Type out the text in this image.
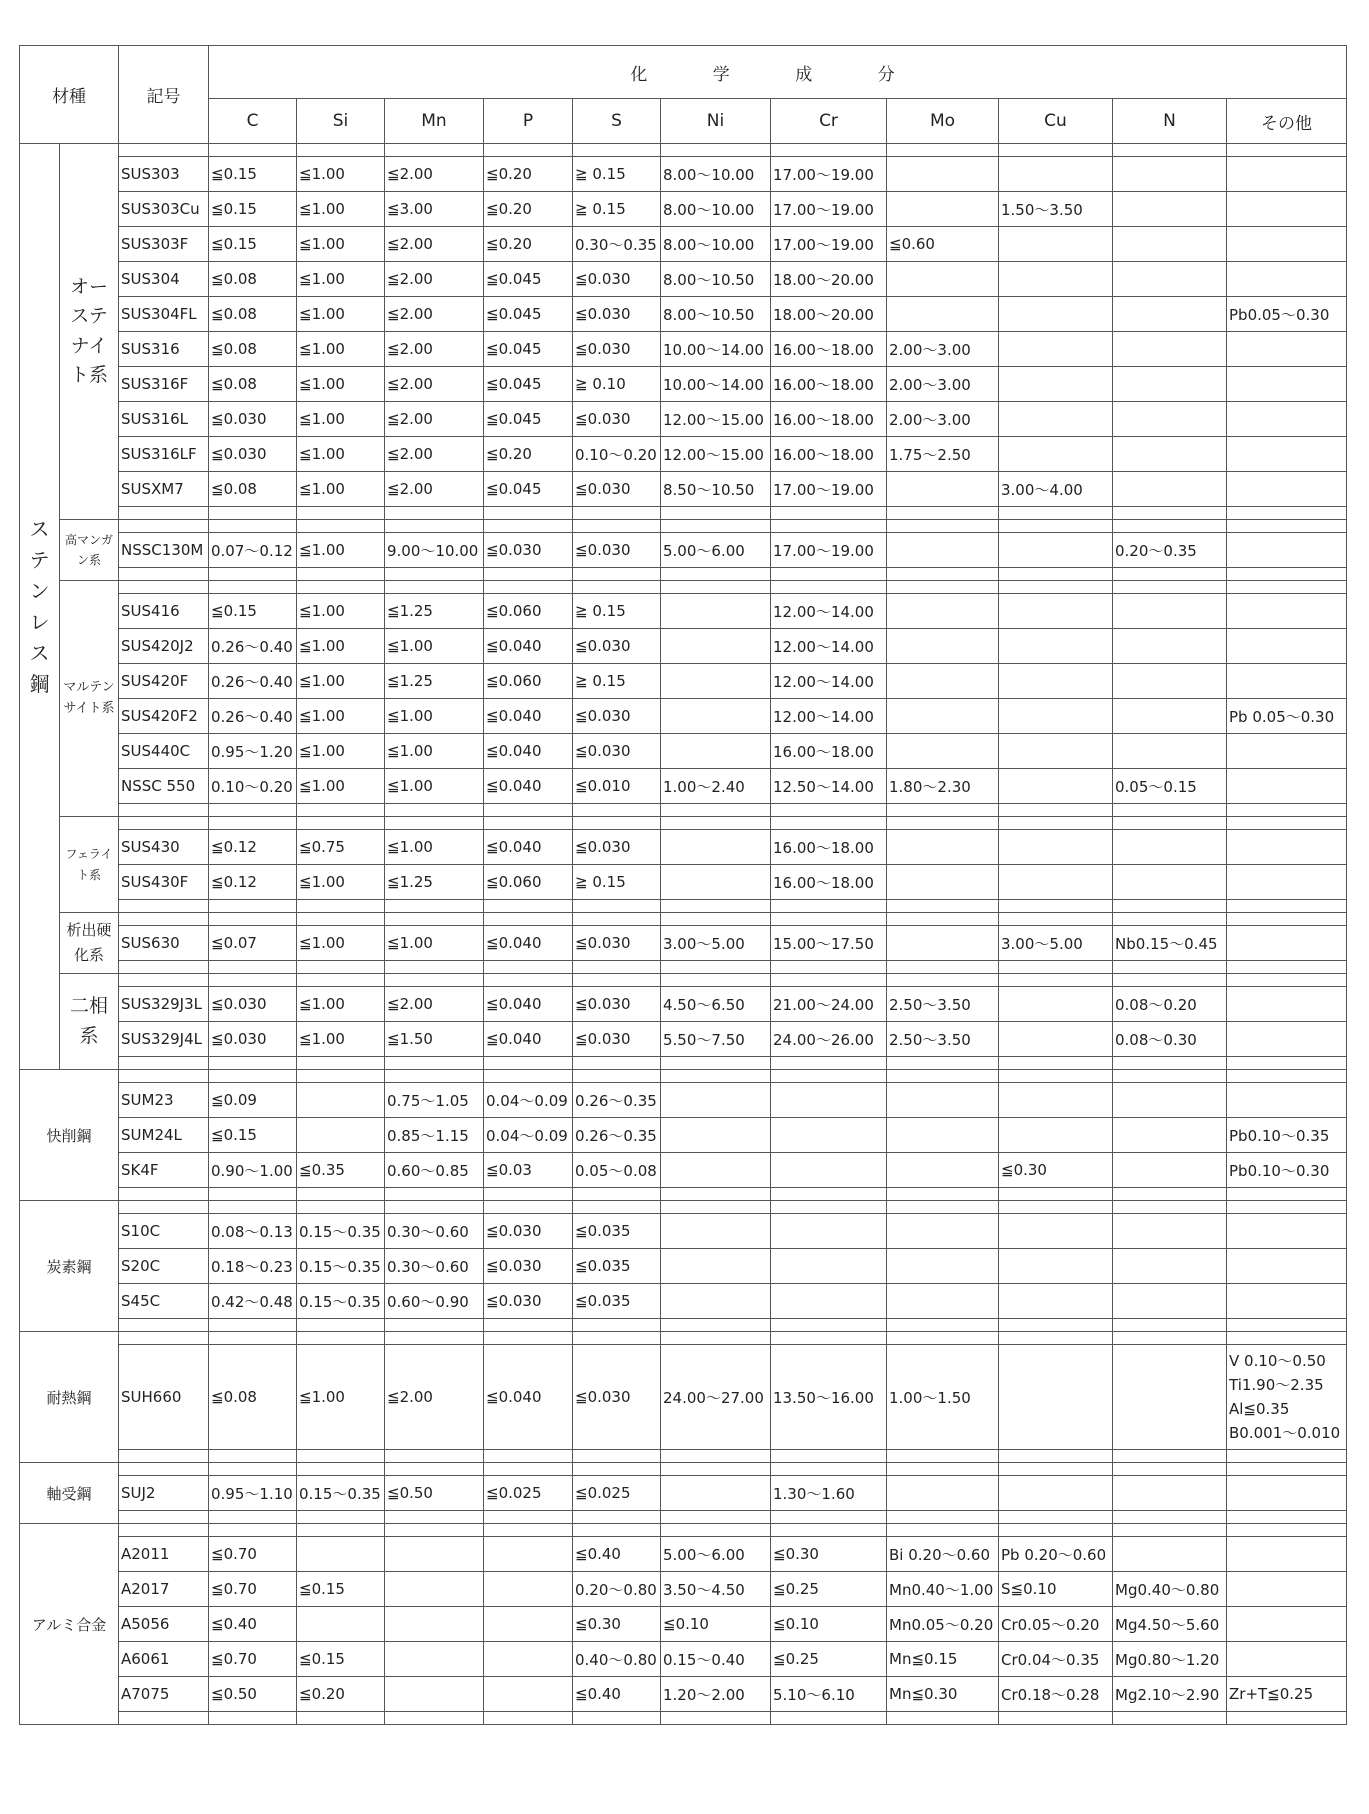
材種		記号	化 学 成 分										
			C	Si	Mn	P	S	Ni	Cr	Mo	Cu	N	その他
ステンレス鋼	オーステナイト系												
		SUS303	≦0.15	≦1.00	≦2.00	≦0.20	≧ 0.15	8.00～10.00	17.00～19.00				
		SUS303Cu	≦0.15	≦1.00	≦3.00	≦0.20	≧ 0.15	8.00～10.00	17.00～19.00		1.50～3.50		
		SUS303F	≦0.15	≦1.00	≦2.00	≦0.20	0.30～0.35	8.00～10.00	17.00～19.00	≦0.60			
		SUS304	≦0.08	≦1.00	≦2.00	≦0.045	≦0.030	8.00～10.50	18.00～20.00				
		SUS304FL	≦0.08	≦1.00	≦2.00	≦0.045	≦0.030	8.00～10.50	18.00～20.00				Pb0.05～0.30
		SUS316	≦0.08	≦1.00	≦2.00	≦0.045	≦0.030	10.00～14.00	16.00～18.00	2.00～3.00			
		SUS316F	≦0.08	≦1.00	≦2.00	≦0.045	≧ 0.10	10.00～14.00	16.00～18.00	2.00～3.00			
		SUS316L	≦0.030	≦1.00	≦2.00	≦0.045	≦0.030	12.00～15.00	16.00～18.00	2.00～3.00			
		SUS316LF	≦0.030	≦1.00	≦2.00	≦0.20	0.10～0.20	12.00～15.00	16.00～18.00	1.75～2.50			
		SUSXM7	≦0.08	≦1.00	≦2.00	≦0.045	≦0.030	8.50～10.50	17.00～19.00		3.00～4.00		

	高マンガン系												
		NSSC130M	0.07～0.12	≦1.00	9.00～10.00	≦0.030	≦0.030	5.00～6.00	17.00～19.00			0.20～0.35	

	マルテンサイト系												
		SUS416	≦0.15	≦1.00	≦1.25	≦0.060	≧ 0.15		12.00～14.00				
		SUS420J2	0.26～0.40	≦1.00	≦1.00	≦0.040	≦0.030		12.00～14.00				
		SUS420F	0.26～0.40	≦1.00	≦1.25	≦0.060	≧ 0.15		12.00～14.00				
		SUS420F2	0.26～0.40	≦1.00	≦1.00	≦0.040	≦0.030		12.00～14.00				Pb 0.05～0.30
		SUS440C	0.95～1.20	≦1.00	≦1.00	≦0.040	≦0.030		16.00～18.00				
		NSSC 550	0.10～0.20	≦1.00	≦1.00	≦0.040	≦0.010	1.00～2.40	12.50～14.00	1.80～2.30		0.05～0.15	

	フェライト系												
		SUS430	≦0.12	≦0.75	≦1.00	≦0.040	≦0.030		16.00～18.00				
		SUS430F	≦0.12	≦1.00	≦1.25	≦0.060	≧ 0.15		16.00～18.00				

	析出硬化系												
		SUS630	≦0.07	≦1.00	≦1.00	≦0.040	≦0.030	3.00～5.00	15.00～17.50		3.00～5.00	Nb0.15～0.45	

	二相系												
		SUS329J3L	≦0.030	≦1.00	≦2.00	≦0.040	≦0.030	4.50～6.50	21.00～24.00	2.50～3.50		0.08～0.20	
		SUS329J4L	≦0.030	≦1.00	≦1.50	≦0.040	≦0.030	5.50～7.50	24.00～26.00	2.50～3.50		0.08～0.30	

快削鋼													
		SUM23	≦0.09		0.75～1.05	0.04～0.09	0.26～0.35						
		SUM24L	≦0.15		0.85～1.15	0.04～0.09	0.26～0.35						Pb0.10～0.35
		SK4F	0.90～1.00	≦0.35	0.60～0.85	≦0.03	0.05～0.08				≦0.30		Pb0.10～0.30

炭素鋼													
		S10C	0.08～0.13	0.15～0.35	0.30～0.60	≦0.030	≦0.035						
		S20C	0.18～0.23	0.15～0.35	0.30～0.60	≦0.030	≦0.035						
		S45C	0.42～0.48	0.15～0.35	0.60～0.90	≦0.030	≦0.035						

耐熱鋼													
		SUH660	≦0.08	≦1.00	≦2.00	≦0.040	≦0.030	24.00～27.00	13.50～16.00	1.00～1.50			V 0.10～0.50
Ti1.90～2.35
Al≦0.35
B0.001～0.010

軸受鋼													
		SUJ2	0.95～1.10	0.15～0.35	≦0.50	≦0.025	≦0.025		1.30～1.60				

アルミ合金													
		A2011	≦0.70				≦0.40	5.00～6.00	≦0.30	Bi 0.20～0.60	Pb 0.20～0.60		
		A2017	≦0.70	≦0.15			0.20～0.80	3.50～4.50	≦0.25	Mn0.40～1.00	S≦0.10	Mg0.40～0.80	
		A5056	≦0.40				≦0.30	≦0.10	≦0.10	Mn0.05～0.20	Cr0.05～0.20	Mg4.50～5.60	
		A6061	≦0.70	≦0.15			0.40～0.80	0.15～0.40	≦0.25	Mn≦0.15	Cr0.04～0.35	Mg0.80～1.20	
		A7075	≦0.50	≦0.20			≦0.40	1.20～2.00	5.10～6.10	Mn≦0.30	Cr0.18～0.28	Mg2.10～2.90	Zr+T≦0.25
